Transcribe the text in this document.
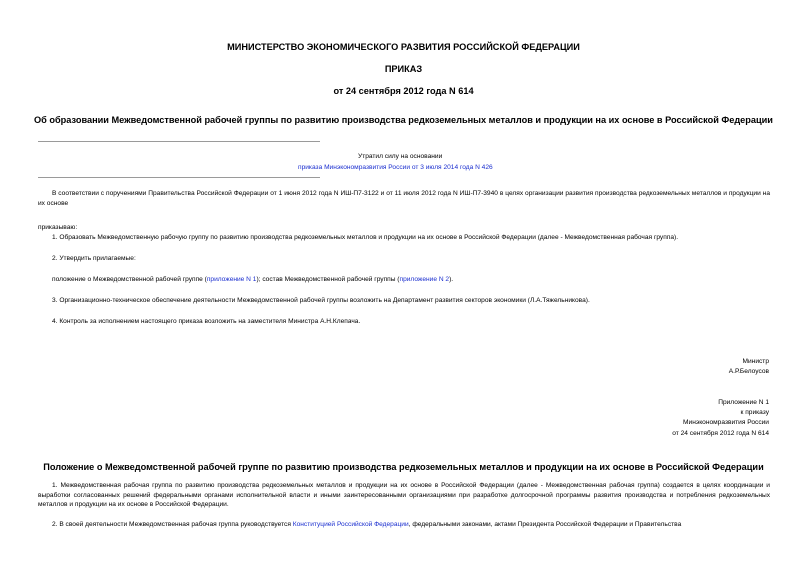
МИНИСТЕРСТВО ЭКОНОМИЧЕСКОГО РАЗВИТИЯ РОССИЙСКОЙ ФЕДЕРАЦИИ
ПРИКАЗ
от 24 сентября 2012 года N 614
Об образовании Межведомственной рабочей группы по развитию производства редкоземельных металлов и продукции на их основе в Российской Федерации
Утратил силу на основании
приказа Минэкономразвития России от 3 июля 2014 года N 426
В соответствии с поручениями Правительства Российской Федерации от 1 июня 2012 года N ИШ-П7-3122 и от 11 июля 2012 года N ИШ-П7-3940 в целях организации развития производства редкоземельных металлов и продукции на их основе
приказываю:
1. Образовать Межведомственную рабочую группу по развитию производства редкоземельных металлов и продукции на их основе в Российской Федерации (далее - Межведомственная рабочая группа).
2. Утвердить прилагаемые:
положение о Межведомственной рабочей группе (приложение N 1); состав Межведомственной рабочей группы (приложение N 2).
3. Организационно-техническое обеспечение деятельности Межведомственной рабочей группы возложить на Департамент развития секторов экономики (Л.А.Тяжельникова).
4. Контроль за исполнением настоящего приказа возложить на заместителя Министра А.Н.Клепача.
Министр
А.Р.Белоусов
Приложение N 1
к приказу
Минэкономразвития России
от 24 сентября 2012 года N 614
Положение о Межведомственной рабочей группе по развитию производства редкоземельных металлов и продукции на их основе в Российской Федерации
1. Межведомственная рабочая группа по развитию производства редкоземельных металлов и продукции на их основе в Российской Федерации (далее - Межведомственная рабочая группа) создается в целях координации и выработки согласованных решений федеральными органами исполнительной власти и иными заинтересованными организациями при разработке долгосрочной программы развития производства и потребления редкоземельных металлов и продукции на их основе в Российской Федерации.
2. В своей деятельности Межведомственная рабочая группа руководствуется Конституцией Российской Федерации, федеральными законами, актами Президента Российской Федерации и Правительства
